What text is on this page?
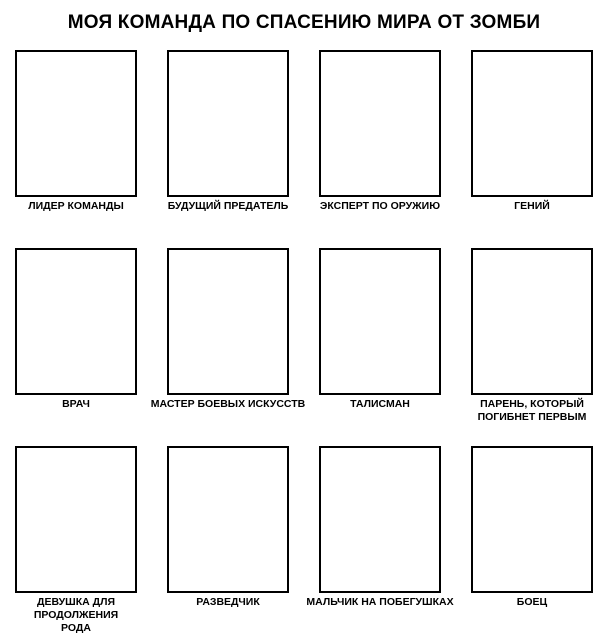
МОЯ КОМАНДА ПО СПАСЕНИЮ МИРА ОТ ЗОМБИ
ЛИДЕР КОМАНДЫ	БУДУЩИЙ ПРЕДАТЕЛЬ	ЭКСПЕРТ ПО ОРУЖИЮ	ГЕНИЙ
ВРАЧ	МАСТЕР БОЕВЫХ ИСКУССТВ	ТАЛИСМАН	ПАРЕНЬ, КОТОРЫЙ
ПОГИБНЕТ ПЕРВЫМ
ДЕВУШКА ДЛЯ
ПРОДОЛЖЕНИЯ
РОДА
РАЗВЕДЧИК	МАЛЬЧИК НА ПОБЕГУШКАХ	БОЕЦ
